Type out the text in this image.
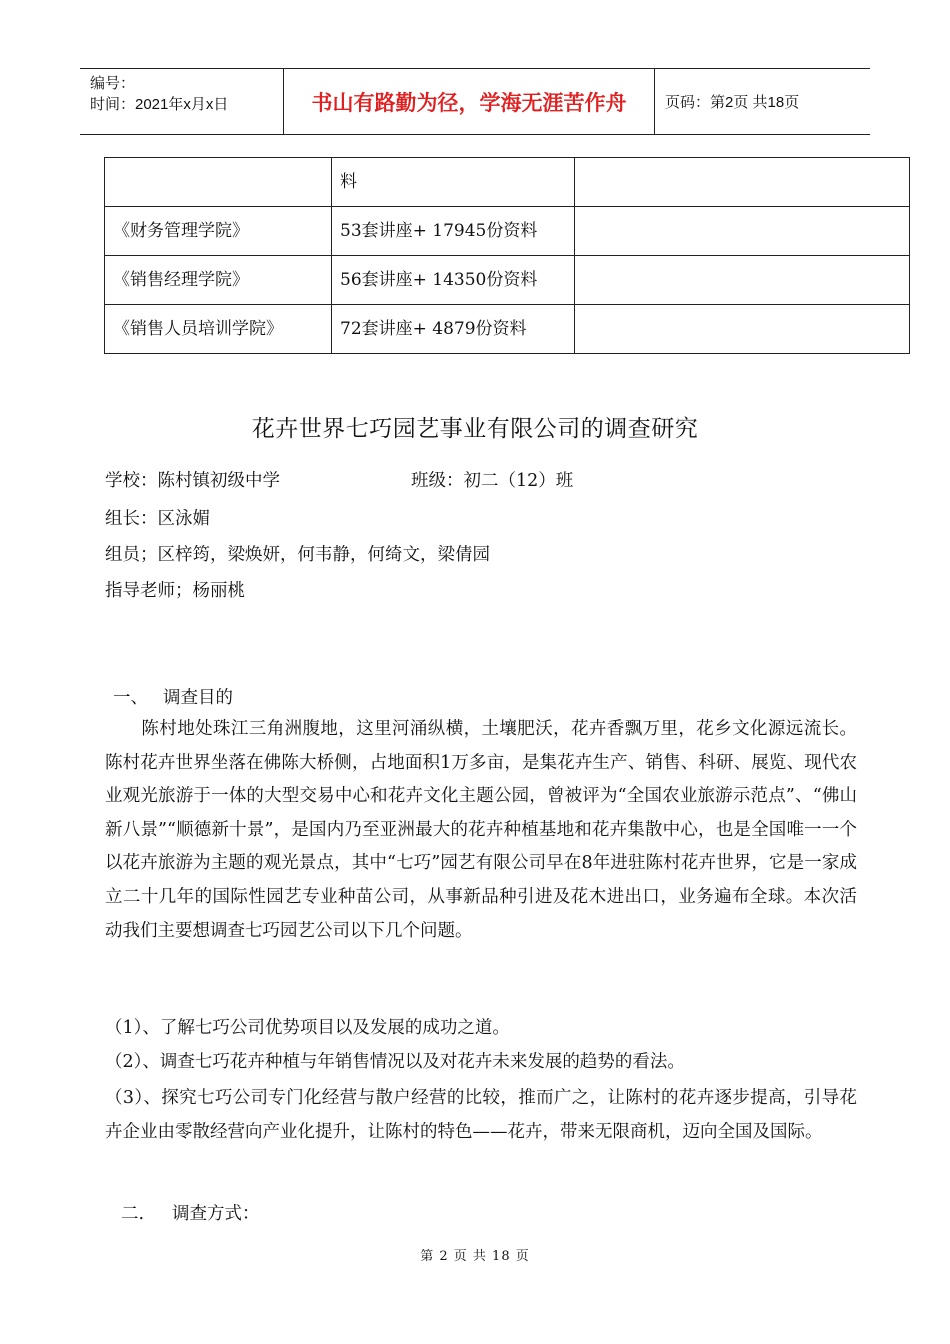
编号：
时间：2021年x月x日	书山有路勤为径，学海无涯苦作舟	页码：第2页 共18页
	料	
《财务管理学院》	53套讲座+ 17945份资料	
《销售经理学院》	56套讲座+ 14350份资料	
《销售人员培训学院》	72套讲座+ 4879份资料	
花卉世界七巧园艺事业有限公司的调查研究
学校：陈村镇初级中学	班级：初二（12）班
组长：区泳媚
组员；区梓筠，梁焕妍，何韦静，何绮文，梁倩园
指导老师；杨丽桃
一、 调查目的
陈村地处珠江三角洲腹地，这里河涌纵横，土壤肥沃，花卉香飘万里，花乡文化源远流长。陈村花卉世界坐落在佛陈大桥侧，占地面积1万多亩，是集花卉生产、销售、科研、展览、现代农业观光旅游于一体的大型交易中心和花卉文化主题公园，曾被评为“全国农业旅游示范点”、“佛山新八景”“顺德新十景”，是国内乃至亚洲最大的花卉种植基地和花卉集散中心，也是全国唯一一个以花卉旅游为主题的观光景点，其中“七巧”园艺有限公司早在8年进驻陈村花卉世界，它是一家成立二十几年的国际性园艺专业种苗公司，从事新品种引进及花木进出口，业务遍布全球。本次活动我们主要想调查七巧园艺公司以下几个问题。
（1）、了解七巧公司优势项目以及发展的成功之道。
（2）、调查七巧花卉种植与年销售情况以及对花卉未来发展的趋势的看法。
（3）、探究七巧公司专门化经营与散户经营的比较，推而广之，让陈村的花卉逐步提高，引导花卉企业由零散经营向产业化提升，让陈村的特色——花卉，带来无限商机，迈向全国及国际。
二. 调查方式：
第 2 页 共 18 页
